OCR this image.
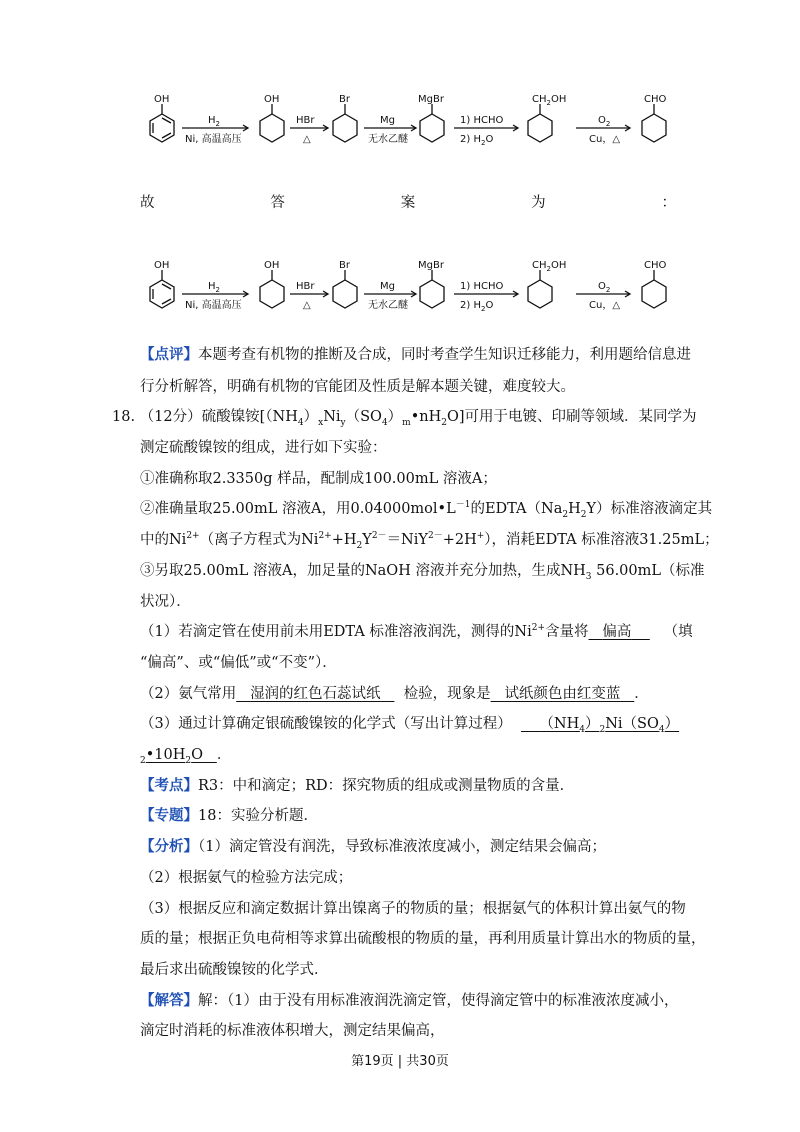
OH	OH	Br	MgBr	$CH_2OH$	CHO
$H_2$
Ni, 高温高压
HBr
△
Mg
无水乙醚
1) HCHO
2) $H_2O$
$O_2$
Cu，△
故	答	案	为	：
OH	OH	Br	MgBr	$CH_2OH$	CHO
$H_2$
Ni, 高温高压
HBr
△
Mg
无水乙醚
1) HCHO
2) $H_2O$
$O_2$
Cu，△
【点评】本题考查有机物的推断及合成，同时考查学生知识迁移能力，利用题给信息进
行分析解答，明确有机物的官能团及性质是解本题关键，难度较大。
18. （12分）硫酸镍铵$[(NH_4)_xNi_y(SO_4)_m•nH_2O]$可用于电镀、印刷等领域．某同学为
测定硫酸镍铵的组成，进行如下实验：
①准确称取2.3350g 样品，配制成100.00mL 溶液A；
②准确量取25.00mL 溶液A，用$0.04000mol•L^{-1}$的$EDTA(Na_2H_2Y)$标准溶液滴定其
中的$Ni^{2+}$（离子方程式为$Ni^{2+}+H_2Y^{2-}=NiY^{2-}+2H^+$），消耗EDTA 标准溶液31.25mL；
③另取25.00mL 溶液A，加足量的NaOH 溶液并充分加热，生成$NH_3$ 56.00mL（标准
状况）．
（1）若滴定管在使用前未用EDTA 标准溶液润洗，测得的$Ni^{2+}$含量将 偏高 （填
“偏高”、或“偏低”或“不变”）．
（2）氨气常用 湿润的红色石蕊试纸 检验，现象是 试纸颜色由红变蓝 ．
（3）通过计算确定银硫酸镍铵的化学式（写出计算过程） $(NH_4)_2Ni(SO_4)$
$_2•10H_2O$ ．
【考点】R3：中和滴定；RD：探究物质的组成或测量物质的含量．
【专题】18：实验分析题．
【分析】（1）滴定管没有润洗，导致标准液浓度减小，测定结果会偏高；
（2）根据氨气的检验方法完成；
（3）根据反应和滴定数据计算出镍离子的物质的量；根据氨气的体积计算出氨气的物
质的量；根据正负电荷相等求算出硫酸根的物质的量，再利用质量计算出水的物质的量，
最后求出硫酸镍铵的化学式．
【解答】解：（1）由于没有用标准液润洗滴定管，使得滴定管中的标准液浓度减小，
滴定时消耗的标准液体积增大，测定结果偏高，
第19页 | 共30页
